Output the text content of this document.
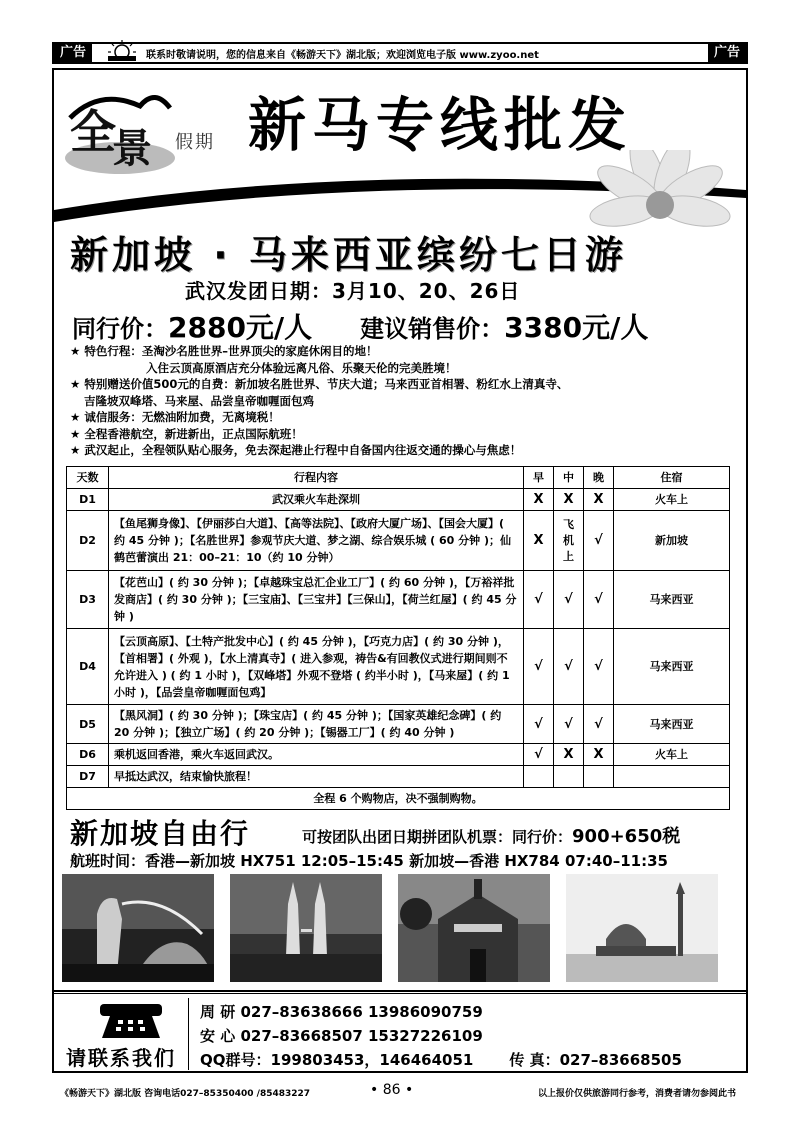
广告	联系时敬请说明，您的信息来自《畅游天下》湖北版；欢迎浏览电子版 www.zyoo.net	广告
全
景 假期 新马专线批发
新加坡 · 马来西亚缤纷七日游
武汉发团日期：3月10、20、26日
同行价：2880元/人 建议销售价：3380元/人
★ 特色行程：圣淘沙名胜世界–世界顶尖的家庭休闲目的地！
入住云顶高原酒店充分体验远离凡俗、乐聚天伦的完美胜境！
★ 特别赠送价值500元的自费：新加坡名胜世界、节庆大道；马来西亚首相署、粉红水上清真寺、
吉隆坡双峰塔、马来屋、品尝皇帝咖喱面包鸡
★ 诚信服务：无燃油附加费，无离境税！
★ 全程香港航空，新进新出，正点国际航班！
★ 武汉起止，全程领队贴心服务，免去深起港止行程中自备国内往返交通的操心与焦虑！
天数	行程内容	早	中	晚	住宿
D1	武汉乘火车赴深圳	X	X	X	火车上
D2	【鱼尾狮身像】、【伊丽莎白大道】、【高等法院】、【政府大厦广场】、【国会大厦】( 约 45 分钟 )；【名胜世界】参观节庆大道、梦之湖、综合娱乐城 ( 60 分钟 )；仙鹤芭蕾演出 21：00–21：10（约 10 分钟）	X	飞机上	√	新加坡
D3	【花芭山】( 约 30 分钟 )；【卓越珠宝总汇企业工厂】( 约 60 分钟 )，【万裕祥批发商店】( 约 30 分钟 )；【三宝庙】、【三宝井】【三保山】，【荷兰红屋】( 约 45 分钟 )	√	√	√	马来西亚
D4	【云顶高原】、【土特产批发中心】( 约 45 分钟 )，【巧克力店】( 约 30 分钟 )，【首相署】( 外观 )，【水上清真寺】( 进入参观，祷告&有回教仪式进行期间则不允许进入 ) ( 约 1 小时 )，【双峰塔】外观不登塔 ( 约半小时 )，【马来屋】( 约 1 小时 )，【品尝皇帝咖喱面包鸡】	√	√	√	马来西亚
D5	【黑风洞】( 约 30 分钟 )；【珠宝店】( 约 45 分钟 )；【国家英雄纪念碑】( 约 20 分钟 )；【独立广场】( 约 20 分钟 )；【锡器工厂】( 约 40 分钟 )	√	√	√	马来西亚
D6	乘机返回香港，乘火车返回武汉。	√	X	X	火车上
D7	早抵达武汉，结束愉快旅程！				
全程 6 个购物店，决不强制购物。					
新加坡自由行	可按团队出团日期拼团队机票：同行价：900+650税
航班时间：香港—新加坡 HX751 12:05–15:45 新加坡—香港 HX784 07:40–11:35
请联系我们
周 研 027–83638666 13986090759
安 心 027–83668507 15327226109
QQ群号：199803453，146464051 传 真：027–83668505
《畅游天下》湖北版 咨询电话027–85350400 /85483227	• 86 •	以上报价仅供旅游同行参考，消费者请勿参阅此书
